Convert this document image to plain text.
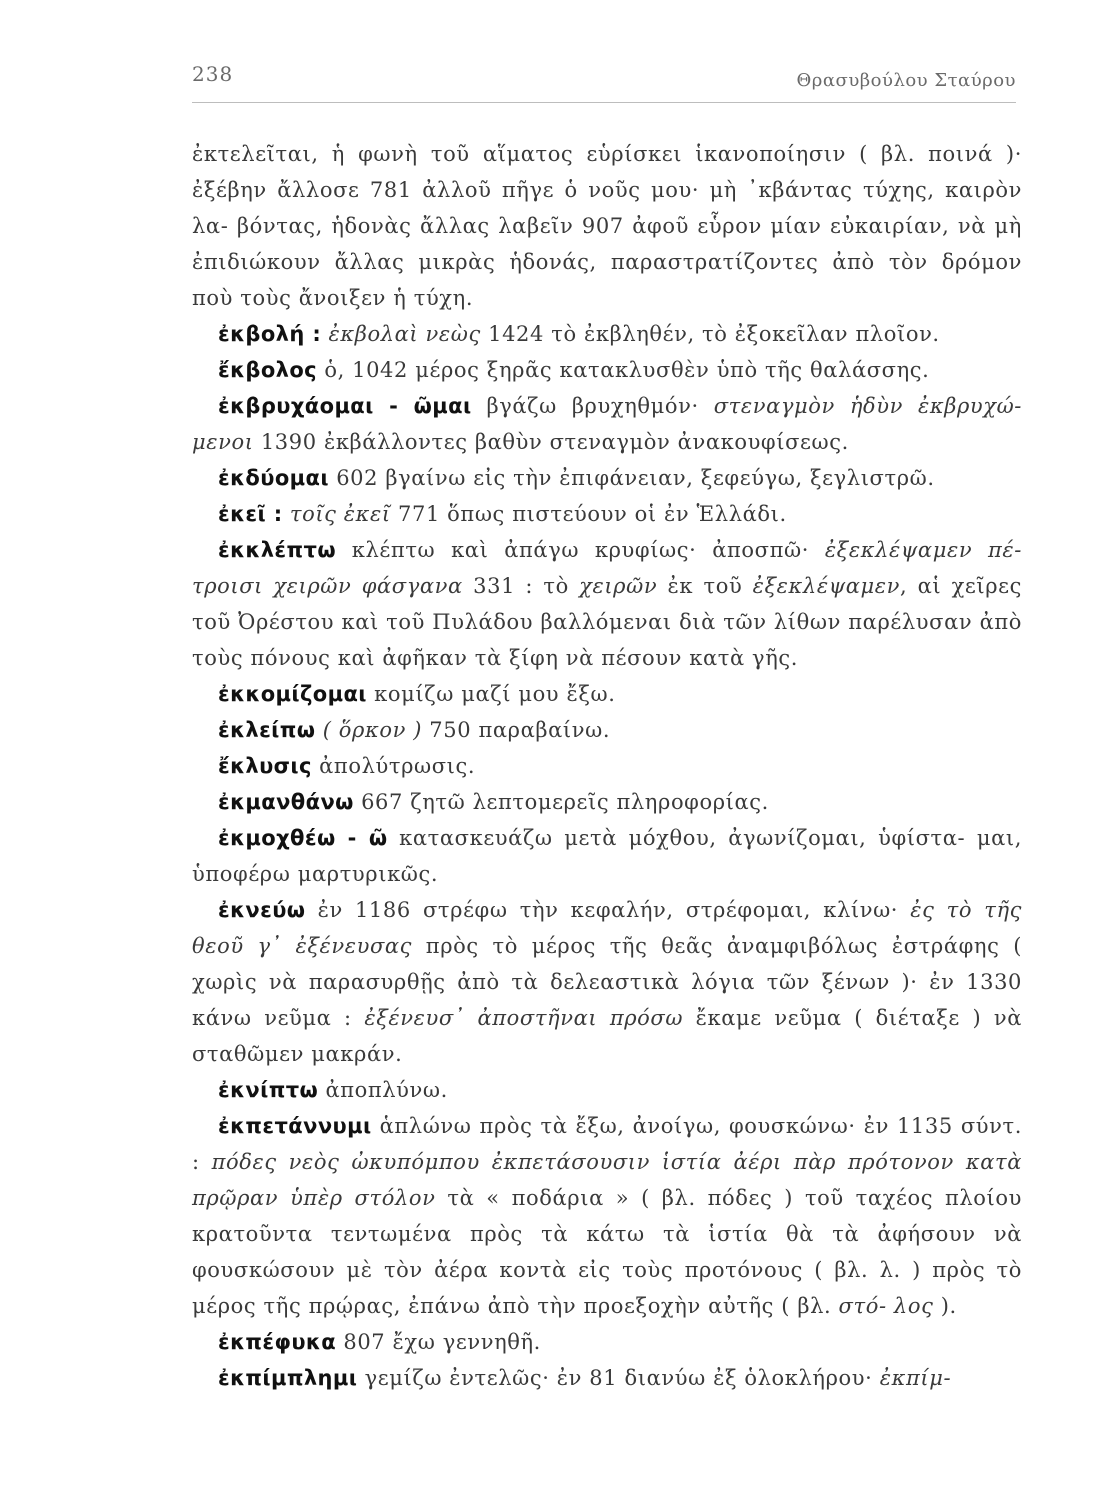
238	Θρασυβούλου Σταύρου

ἐκτελεῖται, ἡ φωνὴ τοῦ αἵματος εὑρίσκει ἱκανοποίησιν ( βλ. ποινά )· ἐξέβην ἄλλοσε 781 ἀλλοῦ πῆγε ὁ νοῦς μου· μὴ ᾽κβάντας τύχης, καιρὸν λα- βόντας, ἡδονὰς ἄλλας λαβεῖν 907 ἀφοῦ εὗρον μίαν εὐκαιρίαν, νὰ μὴ ἐπιδιώκουν ἄλλας μικρὰς ἡδονάς, παραστρατίζοντες ἀπὸ τὸν δρόμον ποὺ τοὺς ἄνοιξεν ἡ τύχη.

ἐκβολή : ἐκβολαὶ νεὼς 1424 τὸ ἐκβληθέν, τὸ ἐξοκεῖλαν πλοῖον.

ἔκβολος ὁ, 1042 μέρος ξηρᾶς κατακλυσθὲν ὑπὸ τῆς θαλάσσης.

ἐκβρυχάομαι - ῶμαι βγάζω βρυχηθμόν· στεναγμὸν ἡδὺν ἐκβρυχώ- μενοι 1390 ἐκβάλλοντες βαθὺν στεναγμὸν ἀνακουφίσεως.

ἐκδύομαι 602 βγαίνω εἰς τὴν ἐπιφάνειαν, ξεφεύγω, ξεγλιστρῶ.

ἐκεῖ : τοῖς ἐκεῖ 771 ὅπως πιστεύουν οἱ ἐν Ἑλλάδι.

ἐκκλέπτω κλέπτω καὶ ἀπάγω κρυφίως· ἀποσπῶ· ἐξεκλέψαμεν πέ- τροισι χειρῶν φάσγανα 331 : τὸ χειρῶν ἐκ τοῦ ἐξεκλέψαμεν, αἱ χεῖρες τοῦ Ὀρέστου καὶ τοῦ Πυλάδου βαλλόμεναι διὰ τῶν λίθων παρέλυσαν ἀπὸ τοὺς πόνους καὶ ἀφῆκαν τὰ ξίφη νὰ πέσουν κατὰ γῆς.

ἐκκομίζομαι κομίζω μαζί μου ἔξω.

ἐκλείπω ( ὅρκον ) 750 παραβαίνω.

ἔκλυσις ἀπολύτρωσις.

ἐκμανθάνω 667 ζητῶ λεπτομερεῖς πληροφορίας.

ἐκμοχθέω - ῶ κατασκευάζω μετὰ μόχθου, ἀγωνίζομαι, ὑφίστα- μαι, ὑποφέρω μαρτυρικῶς.

ἐκνεύω ἐν 1186 στρέφω τὴν κεφαλήν, στρέφομαι, κλίνω· ἐς τὸ τῆς θεοῦ γ᾽ ἐξένευσας πρὸς τὸ μέρος τῆς θεᾶς ἀναμφιβόλως ἐστράφης ( χωρὶς νὰ παρασυρθῇς ἀπὸ τὰ δελεαστικὰ λόγια τῶν ξένων )· ἐν 1330 κάνω νεῦμα : ἐξένευσ᾽ ἀποστῆναι πρόσω ἔκαμε νεῦμα ( διέταξε ) νὰ σταθῶμεν μακράν.

ἐκνίπτω ἀποπλύνω.

ἐκπετάννυμι ἁπλώνω πρὸς τὰ ἔξω, ἀνοίγω, φουσκώνω· ἐν 1135 σύντ. : πόδες νεὸς ὠκυπόμπου ἐκπετάσουσιν ἱστία ἀέρι πὰρ πρότονον κατὰ πρῷραν ὑπὲρ στόλον τὰ « ποδάρια » ( βλ. πόδες ) τοῦ ταχέος πλοίου κρατοῦντα τεντωμένα πρὸς τὰ κάτω τὰ ἱστία θὰ τὰ ἀφήσουν νὰ φουσκώσουν μὲ τὸν ἀέρα κοντὰ εἰς τοὺς προτόνους ( βλ. λ. ) πρὸς τὸ μέρος τῆς πρῴρας, ἐπάνω ἀπὸ τὴν προεξοχὴν αὐτῆς ( βλ. στό- λος ).

ἐκπέφυκα 807 ἔχω γεννηθῆ.

ἐκπίμπλημι γεμίζω ἐντελῶς· ἐν 81 διανύω ἐξ ὁλοκλήρου· ἐκπίμ-
